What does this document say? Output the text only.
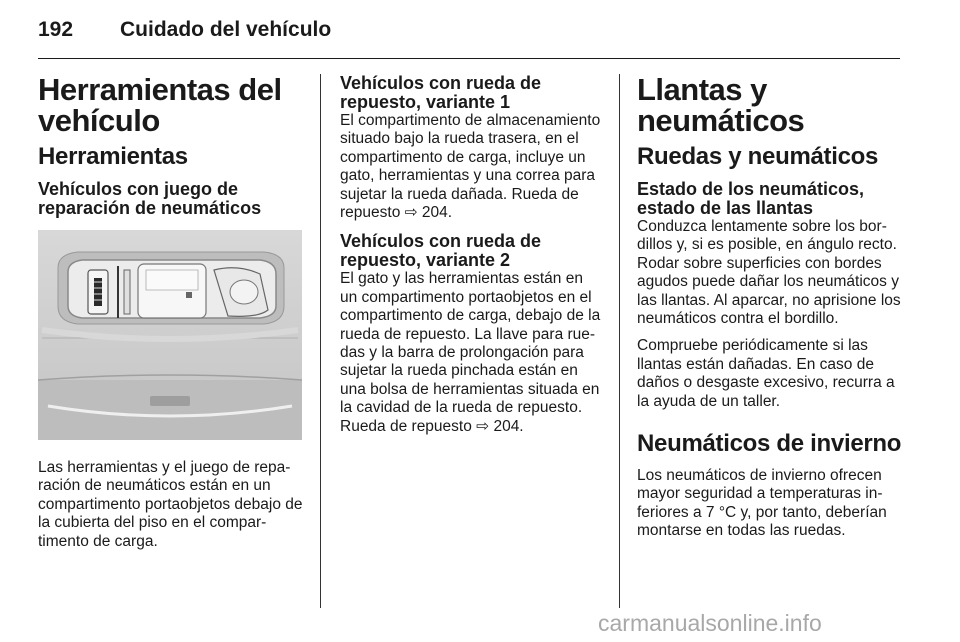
192 Cuidado del vehículo
Herramientas del vehículo
Herramientas
Vehículos con juego de reparación de neumáticos

Las herramientas y el juego de reparación de neumáticos están en un compartimento portaobjetos debajo de la cubierta del piso en el compartimento de carga.

Vehículos con rueda de repuesto, variante 1

El compartimento de almacenamiento situado bajo la rueda trasera, en el compartimento de carga, incluye un gato, herramientas y una correa para sujetar la rueda dañada. Rueda de repuesto ⇨ 204.

Vehículos con rueda de repuesto, variante 2

El gato y las herramientas están en un compartimento portaobjetos en el compartimento de carga, debajo de la rueda de repuesto. La llave para ruedas y la barra de prolongación para sujetar la rueda pinchada están en una bolsa de herramientas situada en la cavidad de la rueda de repuesto. Rueda de repuesto ⇨ 204.

Llantas y neumáticos
Ruedas y neumáticos
Estado de los neumáticos, estado de las llantas

Conduzca lentamente sobre los bordillos y, si es posible, en ángulo recto. Rodar sobre superficies con bordes agudos puede dañar los neumáticos y las llantas. Al aparcar, no aprisione los neumáticos contra el bordillo.

Compruebe periódicamente si las llantas están dañadas. En caso de daños o desgaste excesivo, recurra a la ayuda de un taller.

Neumáticos de invierno

Los neumáticos de invierno ofrecen mayor seguridad a temperaturas inferiores a 7 °C y, por tanto, deberían montarse en todas las ruedas.

carmanualsonline.info
